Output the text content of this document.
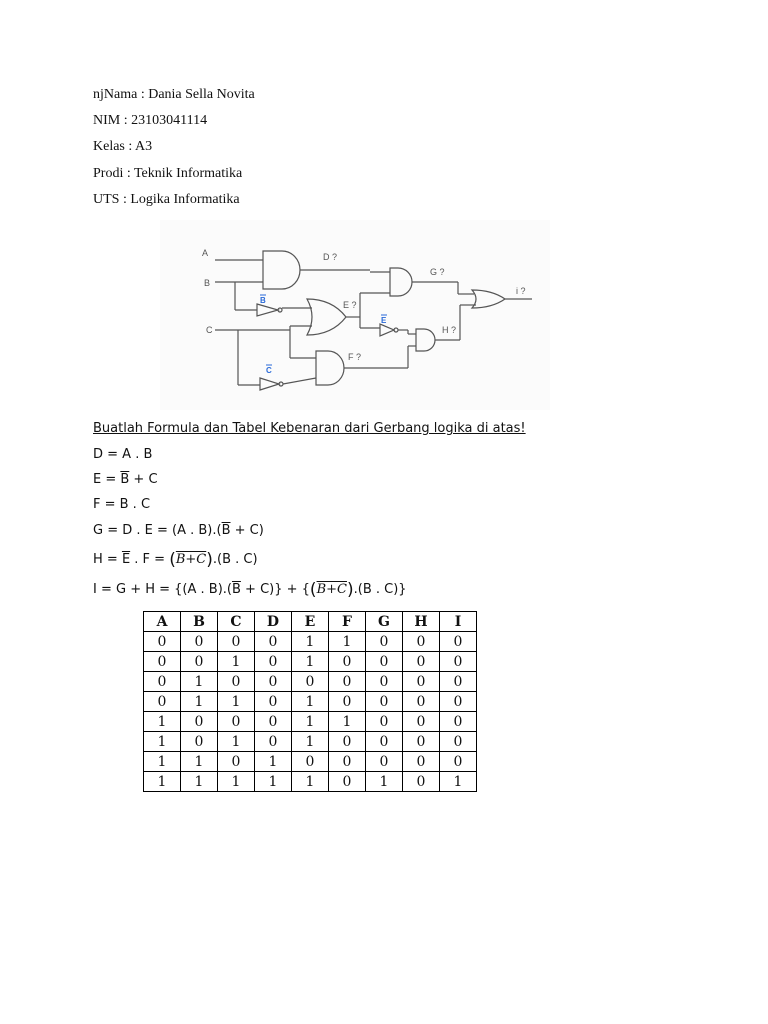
njNama : Dania Sella Novita
NIM : 23103041114
Kelas : A3
Prodi : Teknik Informatika
UTS : Logika Informatika
A
B
C
D ?
G ?
E ?
H ?
F ?
i ?
B
E
C
Buatlah Formula dan Tabel Kebenaran dari Gerbang logika di atas!
D = A . B
$E = \overline{B} + C$
F = B . C
G = D . E = (A . $B).(\overline{B} + C)$
$H = \overline{E}$ . F = (B+C).(B . C)
I = G + H = {(A . $B).(\overline{B} + C)\} + \{(B+C).(B$ . C)}
A	B	C	D	E	F	G	H	I
0	0	0	0	1	1	0	0	0
0	0	1	0	1	0	0	0	0
0	1	0	0	0	0	0	0	0
0	1	1	0	1	0	0	0	0
1	0	0	0	1	1	0	0	0
1	0	1	0	1	0	0	0	0
1	1	0	1	0	0	0	0	0
1	1	1	1	1	0	1	0	1
